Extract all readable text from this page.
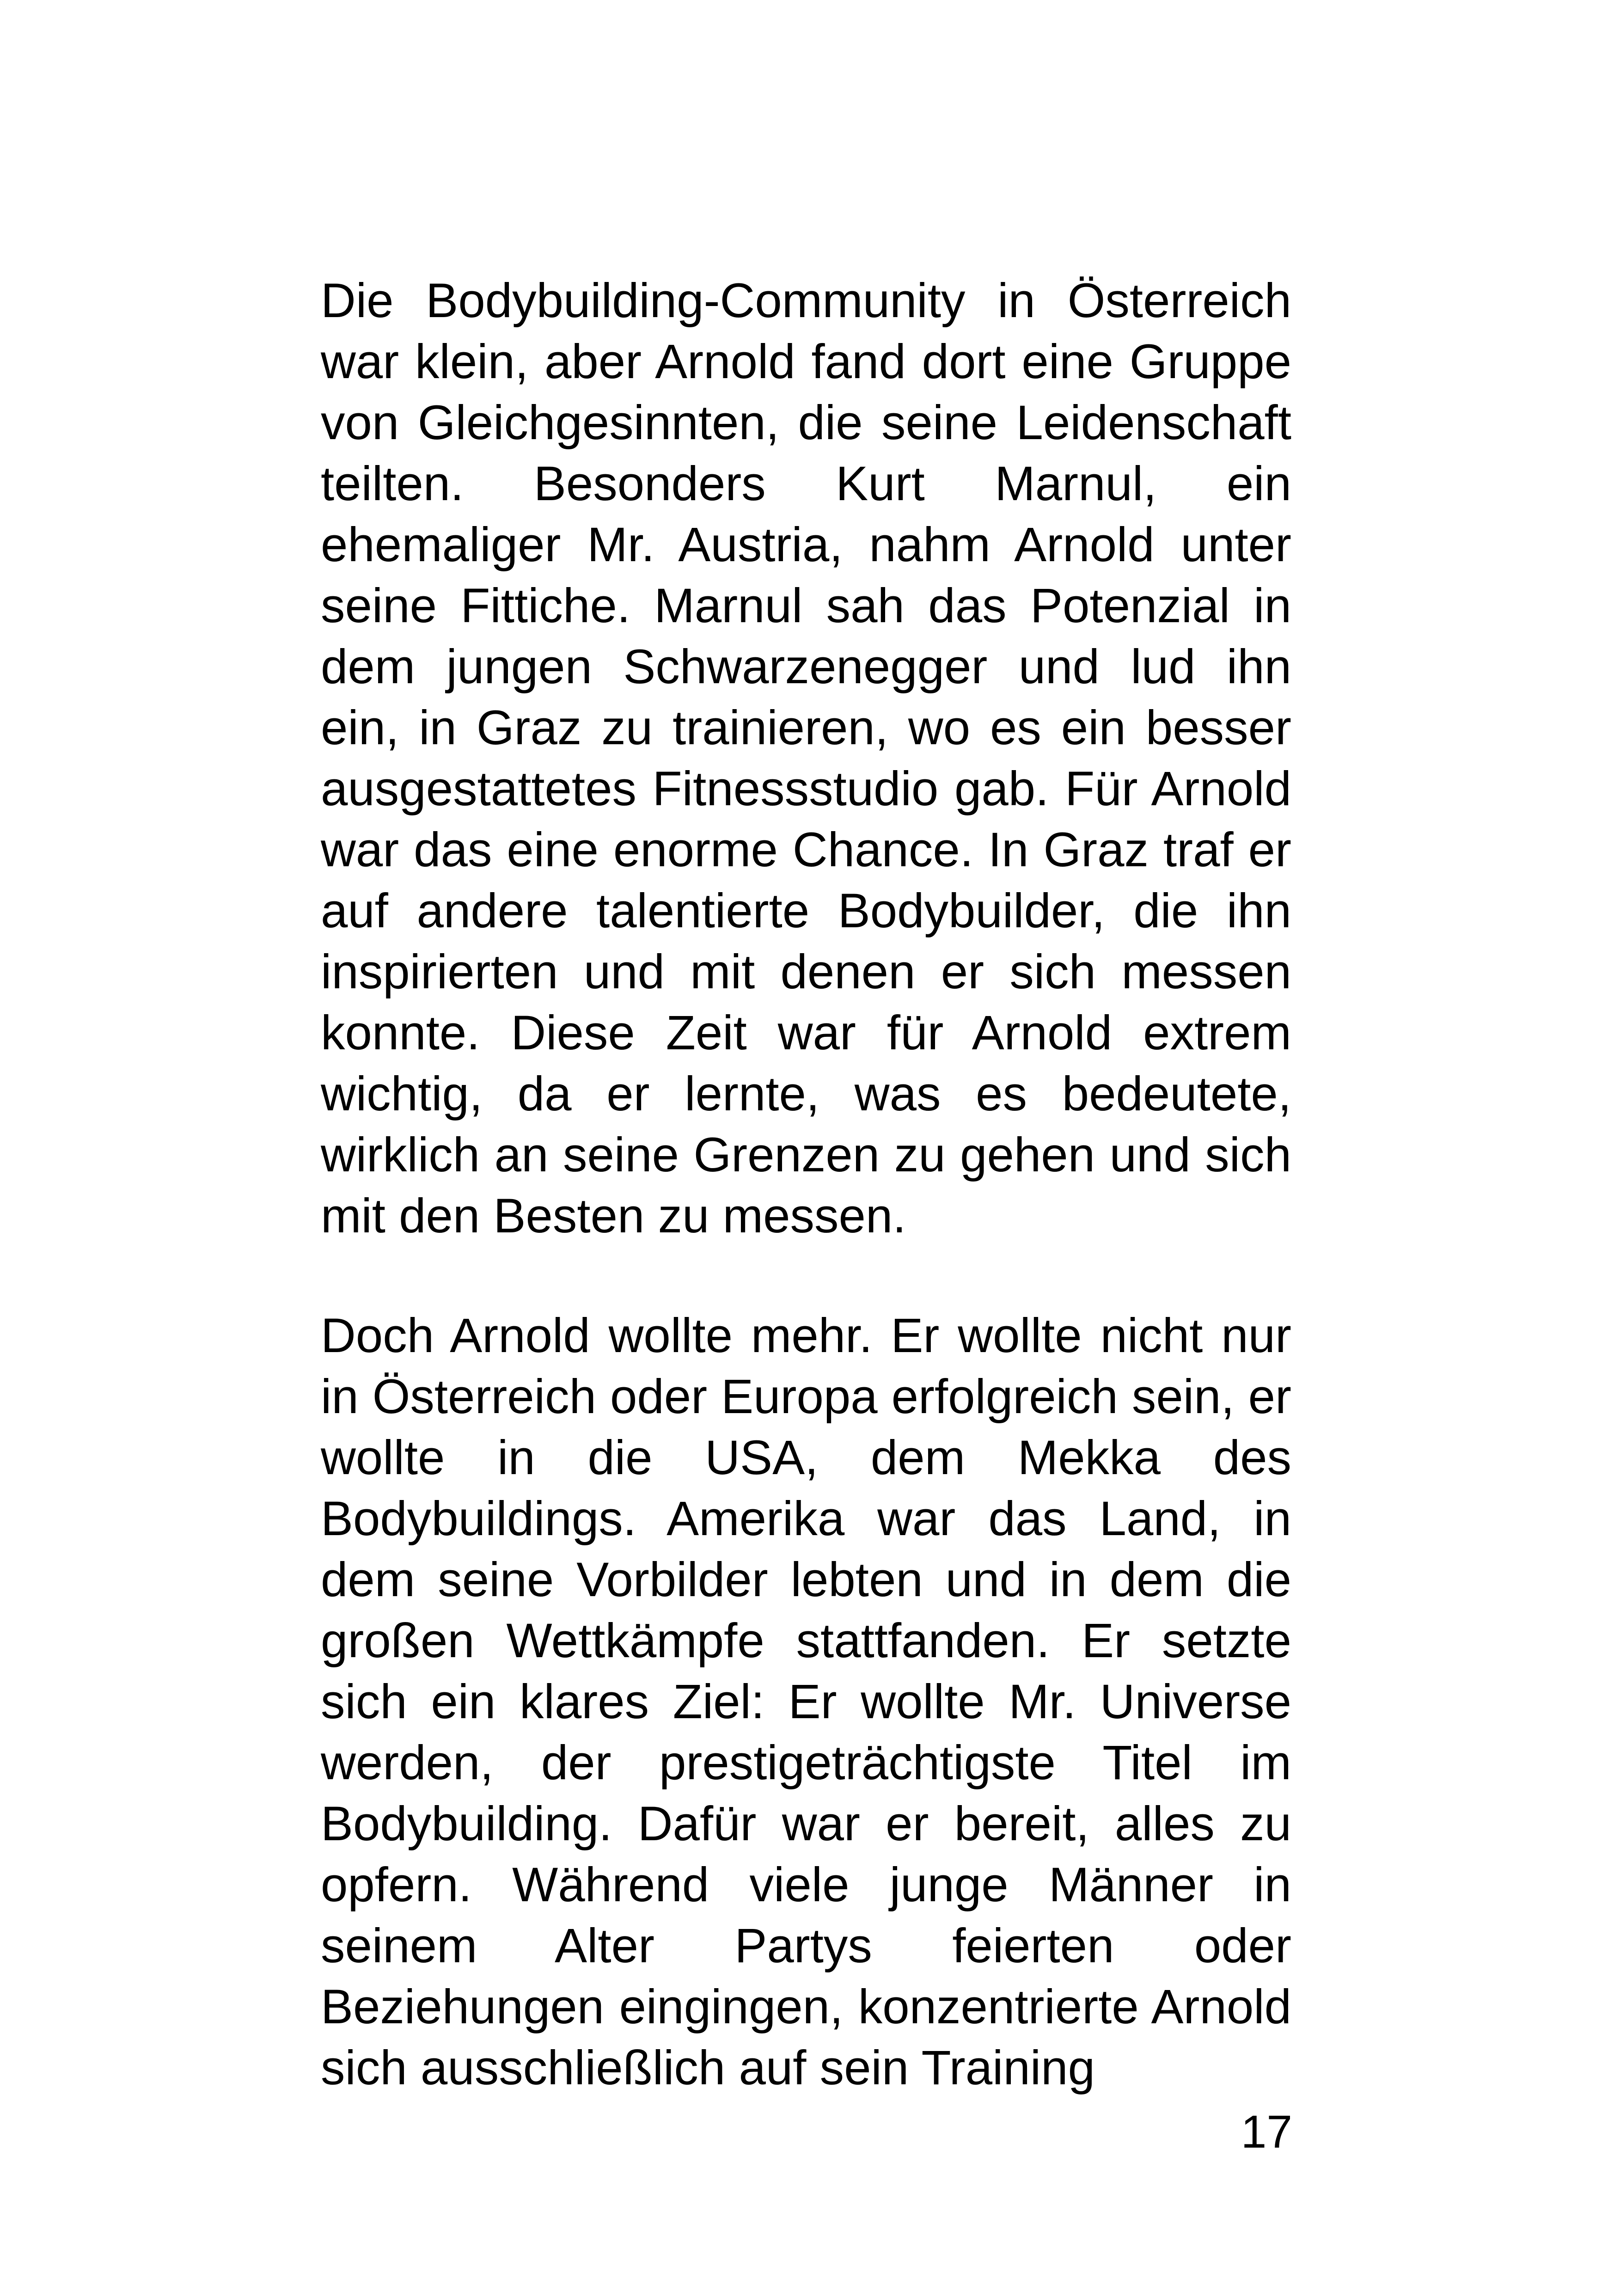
Die Bodybuilding-Community in Österreich war klein, aber Arnold fand dort eine Gruppe von Gleichgesinnten, die seine Leidenschaft teilten. Besonders Kurt Marnul, ein ehemaliger Mr. Austria, nahm Arnold unter seine Fittiche. Marnul sah das Potenzial in dem jungen Schwarzenegger und lud ihn ein, in Graz zu trainieren, wo es ein besser ausgestattetes Fitnessstudio gab. Für Arnold war das eine enorme Chance. In Graz traf er auf andere talentierte Bodybuilder, die ihn inspirierten und mit denen er sich messen konnte. Diese Zeit war für Arnold extrem wichtig, da er lernte, was es bedeutete, wirklich an seine Grenzen zu gehen und sich mit den Besten zu messen.

Doch Arnold wollte mehr. Er wollte nicht nur in Österreich oder Europa erfolgreich sein, er wollte in die USA, dem Mekka des Bodybuildings. Amerika war das Land, in dem seine Vorbilder lebten und in dem die großen Wettkämpfe stattfanden. Er setzte sich ein klares Ziel: Er wollte Mr. Universe werden, der prestigeträchtigste Titel im Bodybuilding. Dafür war er bereit, alles zu opfern. Während viele junge Männer in seinem Alter Partys feierten oder Beziehungen eingingen, konzentrierte Arnold sich ausschließlich auf sein Training

17
